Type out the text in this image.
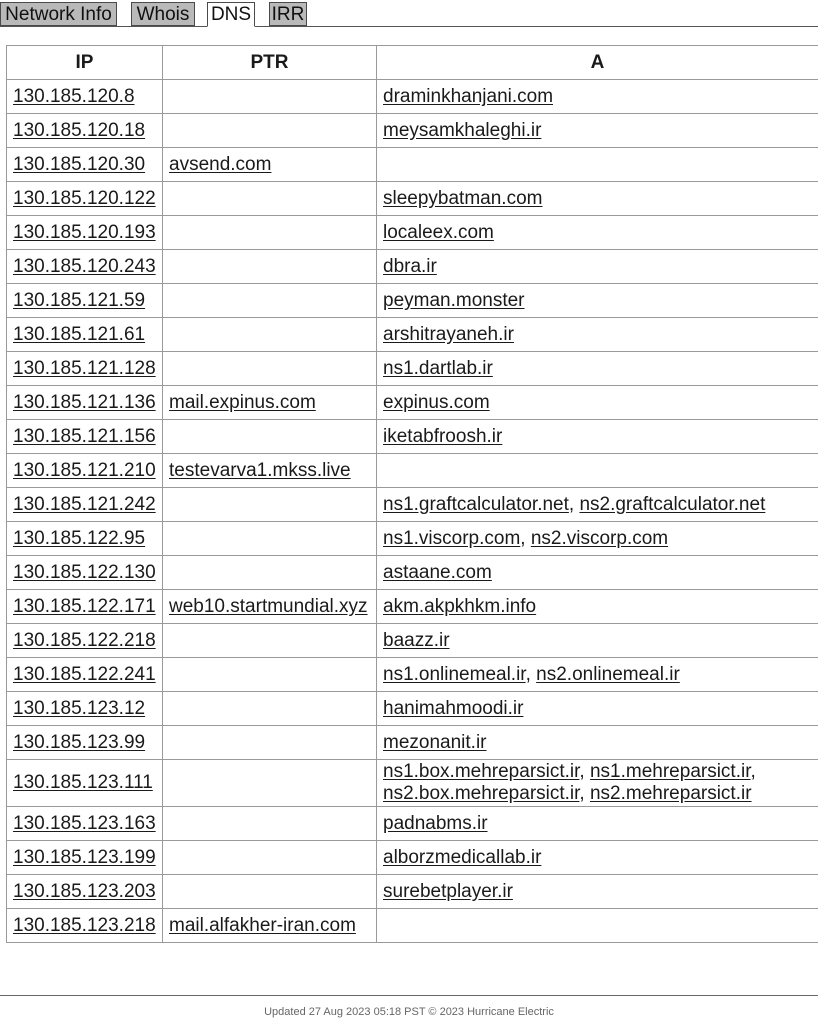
Network Info Whois DNS IRR
IP	PTR	A
130.185.120.8		draminkhanjani.com
130.185.120.18		meysamkhaleghi.ir
130.185.120.30	avsend.com	
130.185.120.122		sleepybatman.com
130.185.120.193		localeex.com
130.185.120.243		dbra.ir
130.185.121.59		peyman.monster
130.185.121.61		arshitrayaneh.ir
130.185.121.128		ns1.dartlab.ir
130.185.121.136	mail.expinus.com	expinus.com
130.185.121.156		iketabfroosh.ir
130.185.121.210	testevarva1.mkss.live	
130.185.121.242		ns1.graftcalculator.net, ns2.graftcalculator.net
130.185.122.95		ns1.viscorp.com, ns2.viscorp.com
130.185.122.130		astaane.com
130.185.122.171	web10.startmundial.xyz	akm.akpkhkm.info
130.185.122.218		baazz.ir
130.185.122.241		ns1.onlinemeal.ir, ns2.onlinemeal.ir
130.185.123.12		hanimahmoodi.ir
130.185.123.99		mezonanit.ir
130.185.123.111		ns1.box.mehreparsict.ir, ns1.mehreparsict.ir,
ns2.box.mehreparsict.ir, ns2.mehreparsict.ir
130.185.123.163		padnabms.ir
130.185.123.199		alborzmedicallab.ir
130.185.123.203		surebetplayer.ir
130.185.123.218	mail.alfakher-iran.com	
Updated 27 Aug 2023 05:18 PST © 2023 Hurricane Electric
